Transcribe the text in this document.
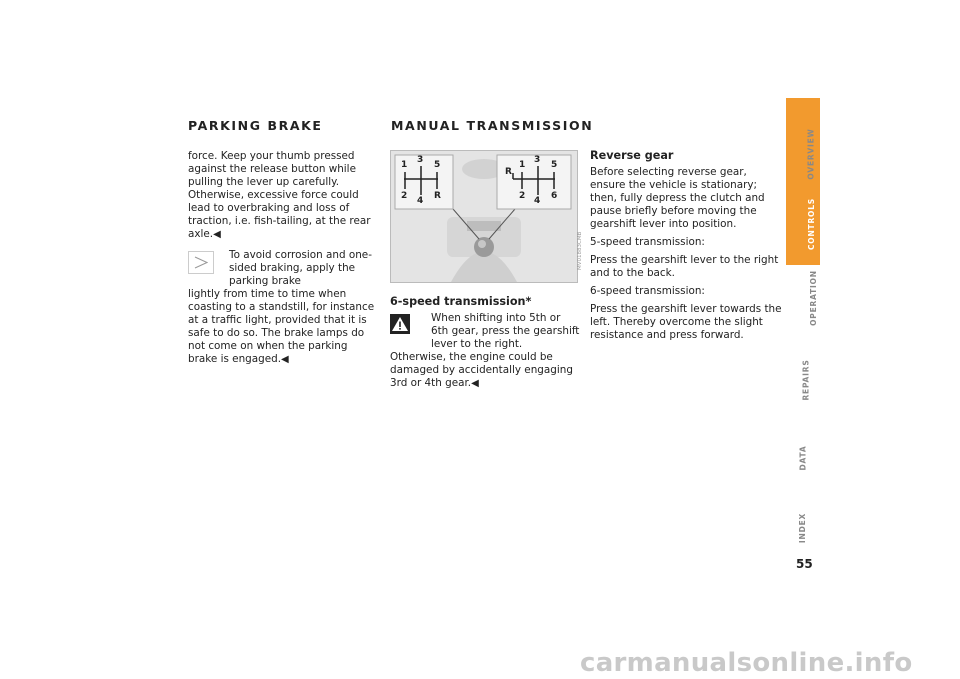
PARKING BRAKE	MANUAL TRANSMISSION

force. Keep your thumb pressed against the release button while pulling the lever up carefully.

Otherwise, excessive force could lead to overbraking and loss of traction, i.e. fish-tailing, at the rear axle.◀

To avoid corrosion and one-sided braking, apply the parking brake
lightly from time to time when coasting to a standstill, for instance at a traffic light, provided that it is safe to do so. The brake lamps do not come on when the parking brake is engaged.◀
1 3 5
2 4 R
R
1 3 5
2 4 6
MV01883CMB
6-speed transmission*
When shifting into 5th or 6th gear, press the gearshift lever to the right.
Otherwise, the engine could be damaged by accidentally engaging 3rd or 4th gear.◀
Reverse gear

Before selecting reverse gear, ensure the vehicle is stationary; then, fully depress the clutch and pause briefly before moving the gearshift lever into position.

5-speed transmission:

Press the gearshift lever to the right and to the back.

6-speed transmission:

Press the gearshift lever towards the left. Thereby overcome the slight resistance and press forward.

OVERVIEW
CONTROLS
OPERATION
REPAIRS
DATA
INDEX
55
carmanualsonline.info
